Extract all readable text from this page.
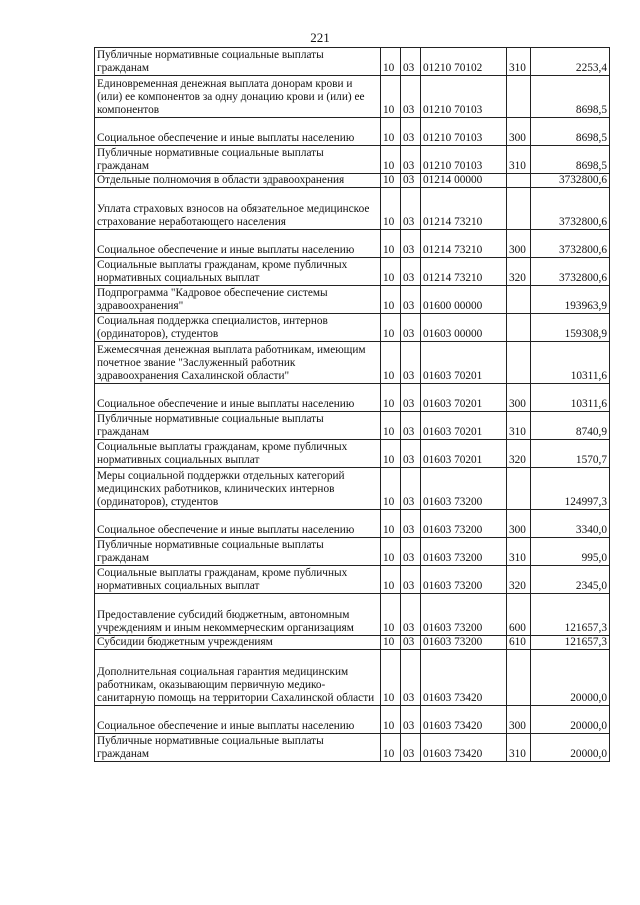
221
Публичные нормативные социальные выплаты гражданам	10	03	01210 70102	310	2253,4
Единовременная денежная выплата донорам крови и (или) ее компонентов за одну донацию крови и (или) ее компонентов	10	03	01210 70103		8698,5
Социальное обеспечение и иные выплаты населению	10	03	01210 70103	300	8698,5
Публичные нормативные социальные выплаты гражданам	10	03	01210 70103	310	8698,5
Отдельные полномочия в области здравоохранения	10	03	01214 00000		3732800,6
Уплата страховых взносов на обязательное медицинское страхование неработающего населения	10	03	01214 73210		3732800,6
Социальное обеспечение и иные выплаты населению	10	03	01214 73210	300	3732800,6
Социальные выплаты гражданам, кроме публичных нормативных социальных выплат	10	03	01214 73210	320	3732800,6
Подпрограмма "Кадровое обеспечение системы здравоохранения"	10	03	01600 00000		193963,9
Социальная поддержка специалистов, интернов (ординаторов), студентов	10	03	01603 00000		159308,9
Ежемесячная денежная выплата работникам, имеющим почетное звание "Заслуженный работник здравоохранения Сахалинской области"	10	03	01603 70201		10311,6
Социальное обеспечение и иные выплаты населению	10	03	01603 70201	300	10311,6
Публичные нормативные социальные выплаты гражданам	10	03	01603 70201	310	8740,9
Социальные выплаты гражданам, кроме публичных нормативных социальных выплат	10	03	01603 70201	320	1570,7
Меры социальной поддержки отдельных категорий медицинских работников, клинических интернов (ординаторов), студентов	10	03	01603 73200		124997,3
Социальное обеспечение и иные выплаты населению	10	03	01603 73200	300	3340,0
Публичные нормативные социальные выплаты гражданам	10	03	01603 73200	310	995,0
Социальные выплаты гражданам, кроме публичных нормативных социальных выплат	10	03	01603 73200	320	2345,0
Предоставление субсидий бюджетным, автономным учреждениям и иным некоммерческим организациям	10	03	01603 73200	600	121657,3
Субсидии бюджетным учреждениям	10	03	01603 73200	610	121657,3
Дополнительная социальная гарантия медицинским работникам, оказывающим первичную медико-санитарную помощь на территории Сахалинской области	10	03	01603 73420		20000,0
Социальное обеспечение и иные выплаты населению	10	03	01603 73420	300	20000,0
Публичные нормативные социальные выплаты гражданам	10	03	01603 73420	310	20000,0
